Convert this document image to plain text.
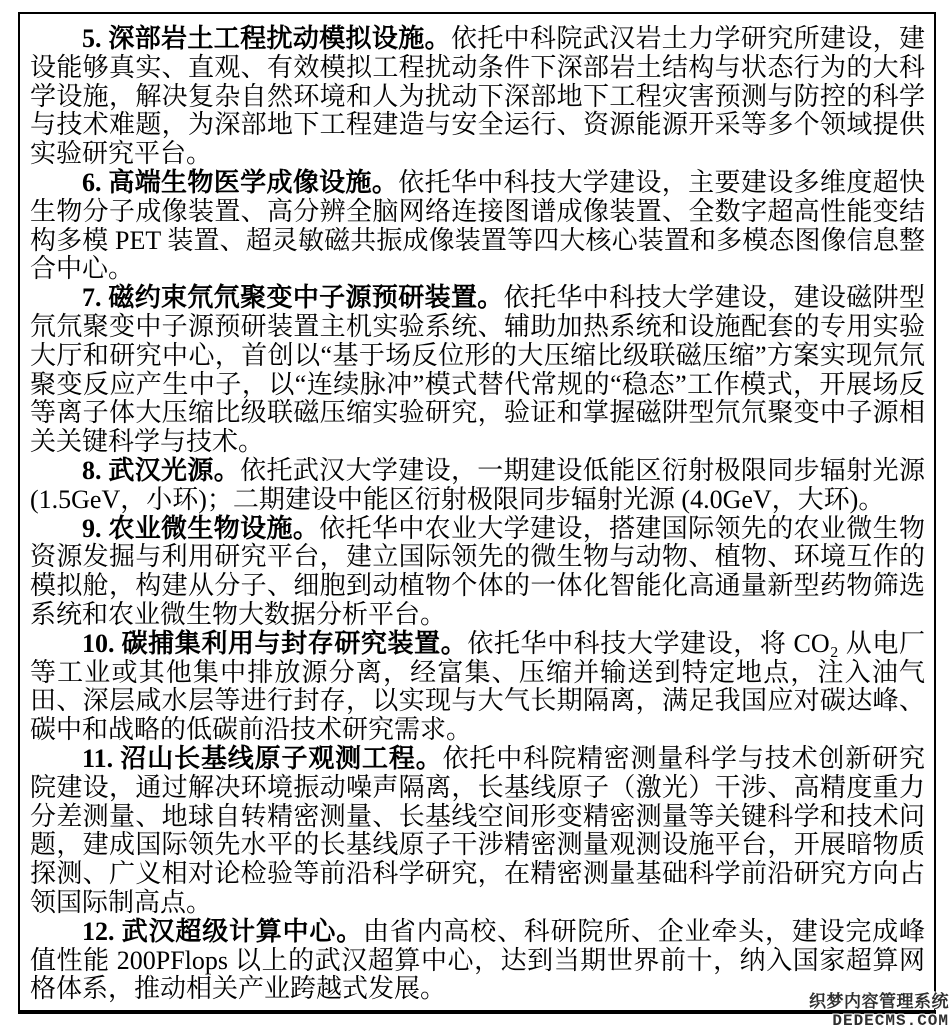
5. 深部岩土工程扰动模拟设施。依托中科院武汉岩土力学研究所建设，建设能够真实、直观、有效模拟工程扰动条件下深部岩土结构与状态行为的大科学设施，解决复杂自然环境和人为扰动下深部地下工程灾害预测与防控的科学与技术难题，为深部地下工程建造与安全运行、资源能源开采等多个领域提供实验研究平台。

6. 高端生物医学成像设施。依托华中科技大学建设，主要建设多维度超快生物分子成像装置、高分辨全脑网络连接图谱成像装置、全数字超高性能变结构多模 PET 装置、超灵敏磁共振成像装置等四大核心装置和多模态图像信息整合中心。

7. 磁约束氘氘聚变中子源预研装置。依托华中科技大学建设，建设磁阱型氘氘聚变中子源预研装置主机实验系统、辅助加热系统和设施配套的专用实验大厅和研究中心，首创以“基于场反位形的大压缩比级联磁压缩”方案实现氘氘聚变反应产生中子，以“连续脉冲”模式替代常规的“稳态”工作模式，开展场反等离子体大压缩比级联磁压缩实验研究，验证和掌握磁阱型氘氘聚变中子源相关关键科学与技术。

8. 武汉光源。依托武汉大学建设，一期建设低能区衍射极限同步辐射光源 (1.5GeV，小环)；二期建设中能区衍射极限同步辐射光源 (4.0GeV，大环)。

9. 农业微生物设施。依托华中农业大学建设，搭建国际领先的农业微生物资源发掘与利用研究平台，建立国际领先的微生物与动物、植物、环境互作的模拟舱，构建从分子、细胞到动植物个体的一体化智能化高通量新型药物筛选系统和农业微生物大数据分析平台。

10. 碳捕集利用与封存研究装置。依托华中科技大学建设，将 CO₂ 从电厂等工业或其他集中排放源分离，经富集、压缩并输送到特定地点，注入油气田、深层咸水层等进行封存，以实现与大气长期隔离，满足我国应对碳达峰、碳中和战略的低碳前沿技术研究需求。

11. 沼山长基线原子观测工程。依托中科院精密测量科学与技术创新研究院建设，通过解决环境振动噪声隔离，长基线原子（激光）干涉、高精度重力分差测量、地球自转精密测量、长基线空间形变精密测量等关键科学和技术问题，建成国际领先水平的长基线原子干涉精密测量观测设施平台，开展暗物质探测、广义相对论检验等前沿科学研究，在精密测量基础科学前沿研究方向占领国际制高点。

12. 武汉超级计算中心。由省内高校、科研院所、企业牵头，建设完成峰值性能 200PFlops 以上的武汉超算中心，达到当期世界前十，纳入国家超算网格体系，推动相关产业跨越式发展。	织梦内容管理系统
DEDECMS.COM
